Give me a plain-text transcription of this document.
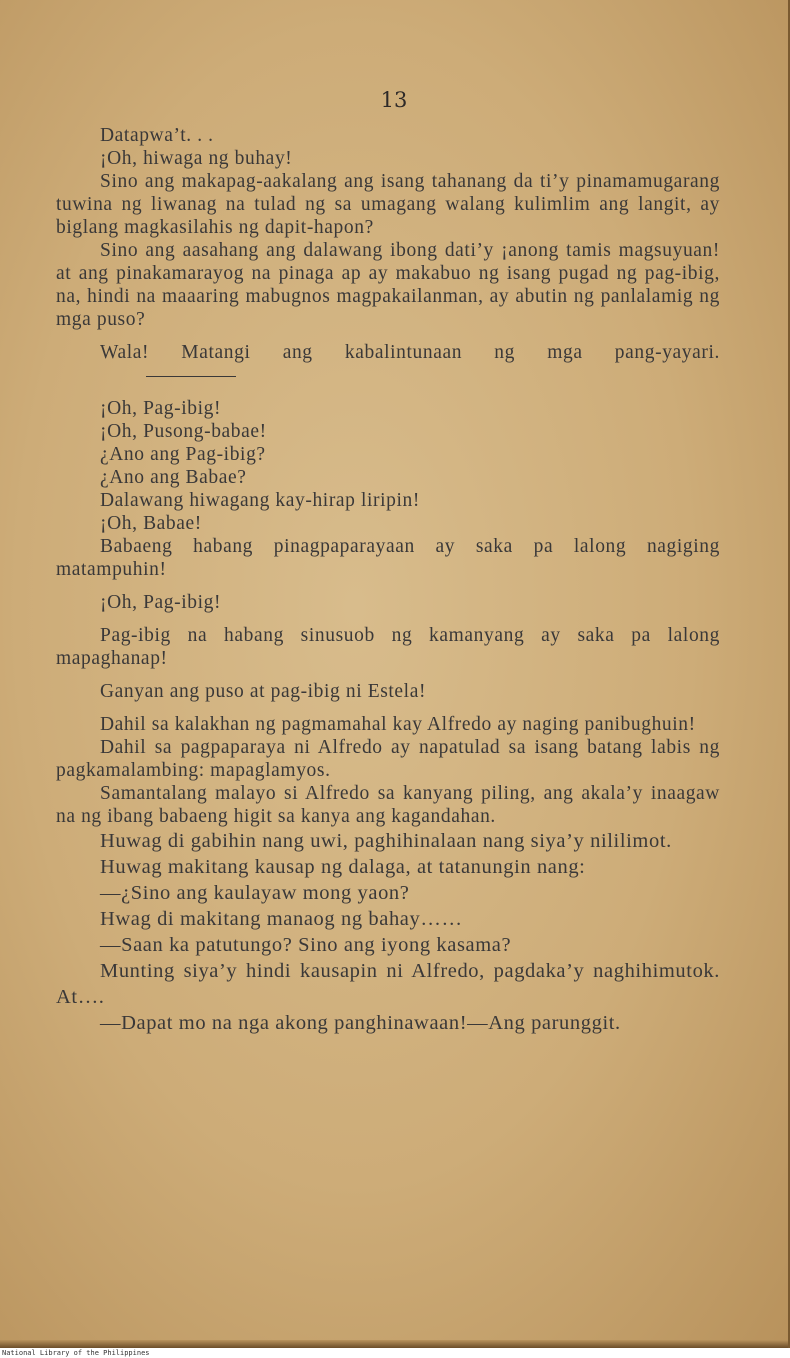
13

Datapwa’t. . .

¡Oh, hiwaga ng buhay!

Sino ang makapag-aakalang ang isang tahanang da ti’y pinamamugarang tuwina ng liwanag na tulad ng sa umagang walang kulimlim ang langit, ay biglang magkasilahis ng dapit-hapon?

Sino ang aasahang ang dalawang ibong dati’y ¡anong tamis magsuyuan! at ang pinakamarayog na pinaga ap ay makabuo ng isang pugad ng pag-ibig, na, hindi na maaaring mabugnos magpakailanman, ay abutin ng panlalamig ng mga puso?

Wala! Matangi ang kabalintunaan ng mga pang-yayari.

¡Oh, Pag-ibig!

¡Oh, Pusong-babae!

¿Ano ang Pag-ibig?

¿Ano ang Babae?

Dalawang hiwagang kay-hirap liripin!

¡Oh, Babae!

Babaeng habang pinagpaparayaan ay saka pa lalong nagiging matampuhin!

¡Oh, Pag-ibig!

Pag-ibig na habang sinusuob ng kamanyang ay saka pa lalong mapaghanap!

Ganyan ang puso at pag-ibig ni Estela!

Dahil sa kalakhan ng pagmamahal kay Alfredo ay naging panibughuin!

Dahil sa pagpaparaya ni Alfredo ay napatulad sa isang batang labis ng pagkamalambing: mapaglamyos.

Samantalang malayo si Alfredo sa kanyang piling, ang akala’y inaagaw na ng ibang babaeng higit sa kanya ang kagandahan.

Huwag di gabihin nang uwi, paghihinalaan nang siya’y nililimot.

Huwag makitang kausap ng dalaga, at tatanungin nang:

—¿Sino ang kaulayaw mong yaon?

Hwag di makitang manaog ng bahay……

—Saan ka patutungo? Sino ang iyong kasama?

Munting siya’y hindi kausapin ni Alfredo, pagdaka’y naghihimutok. At….

—Dapat mo na nga akong panghinawaan!—Ang parunggit.

National Library of the Philippines
